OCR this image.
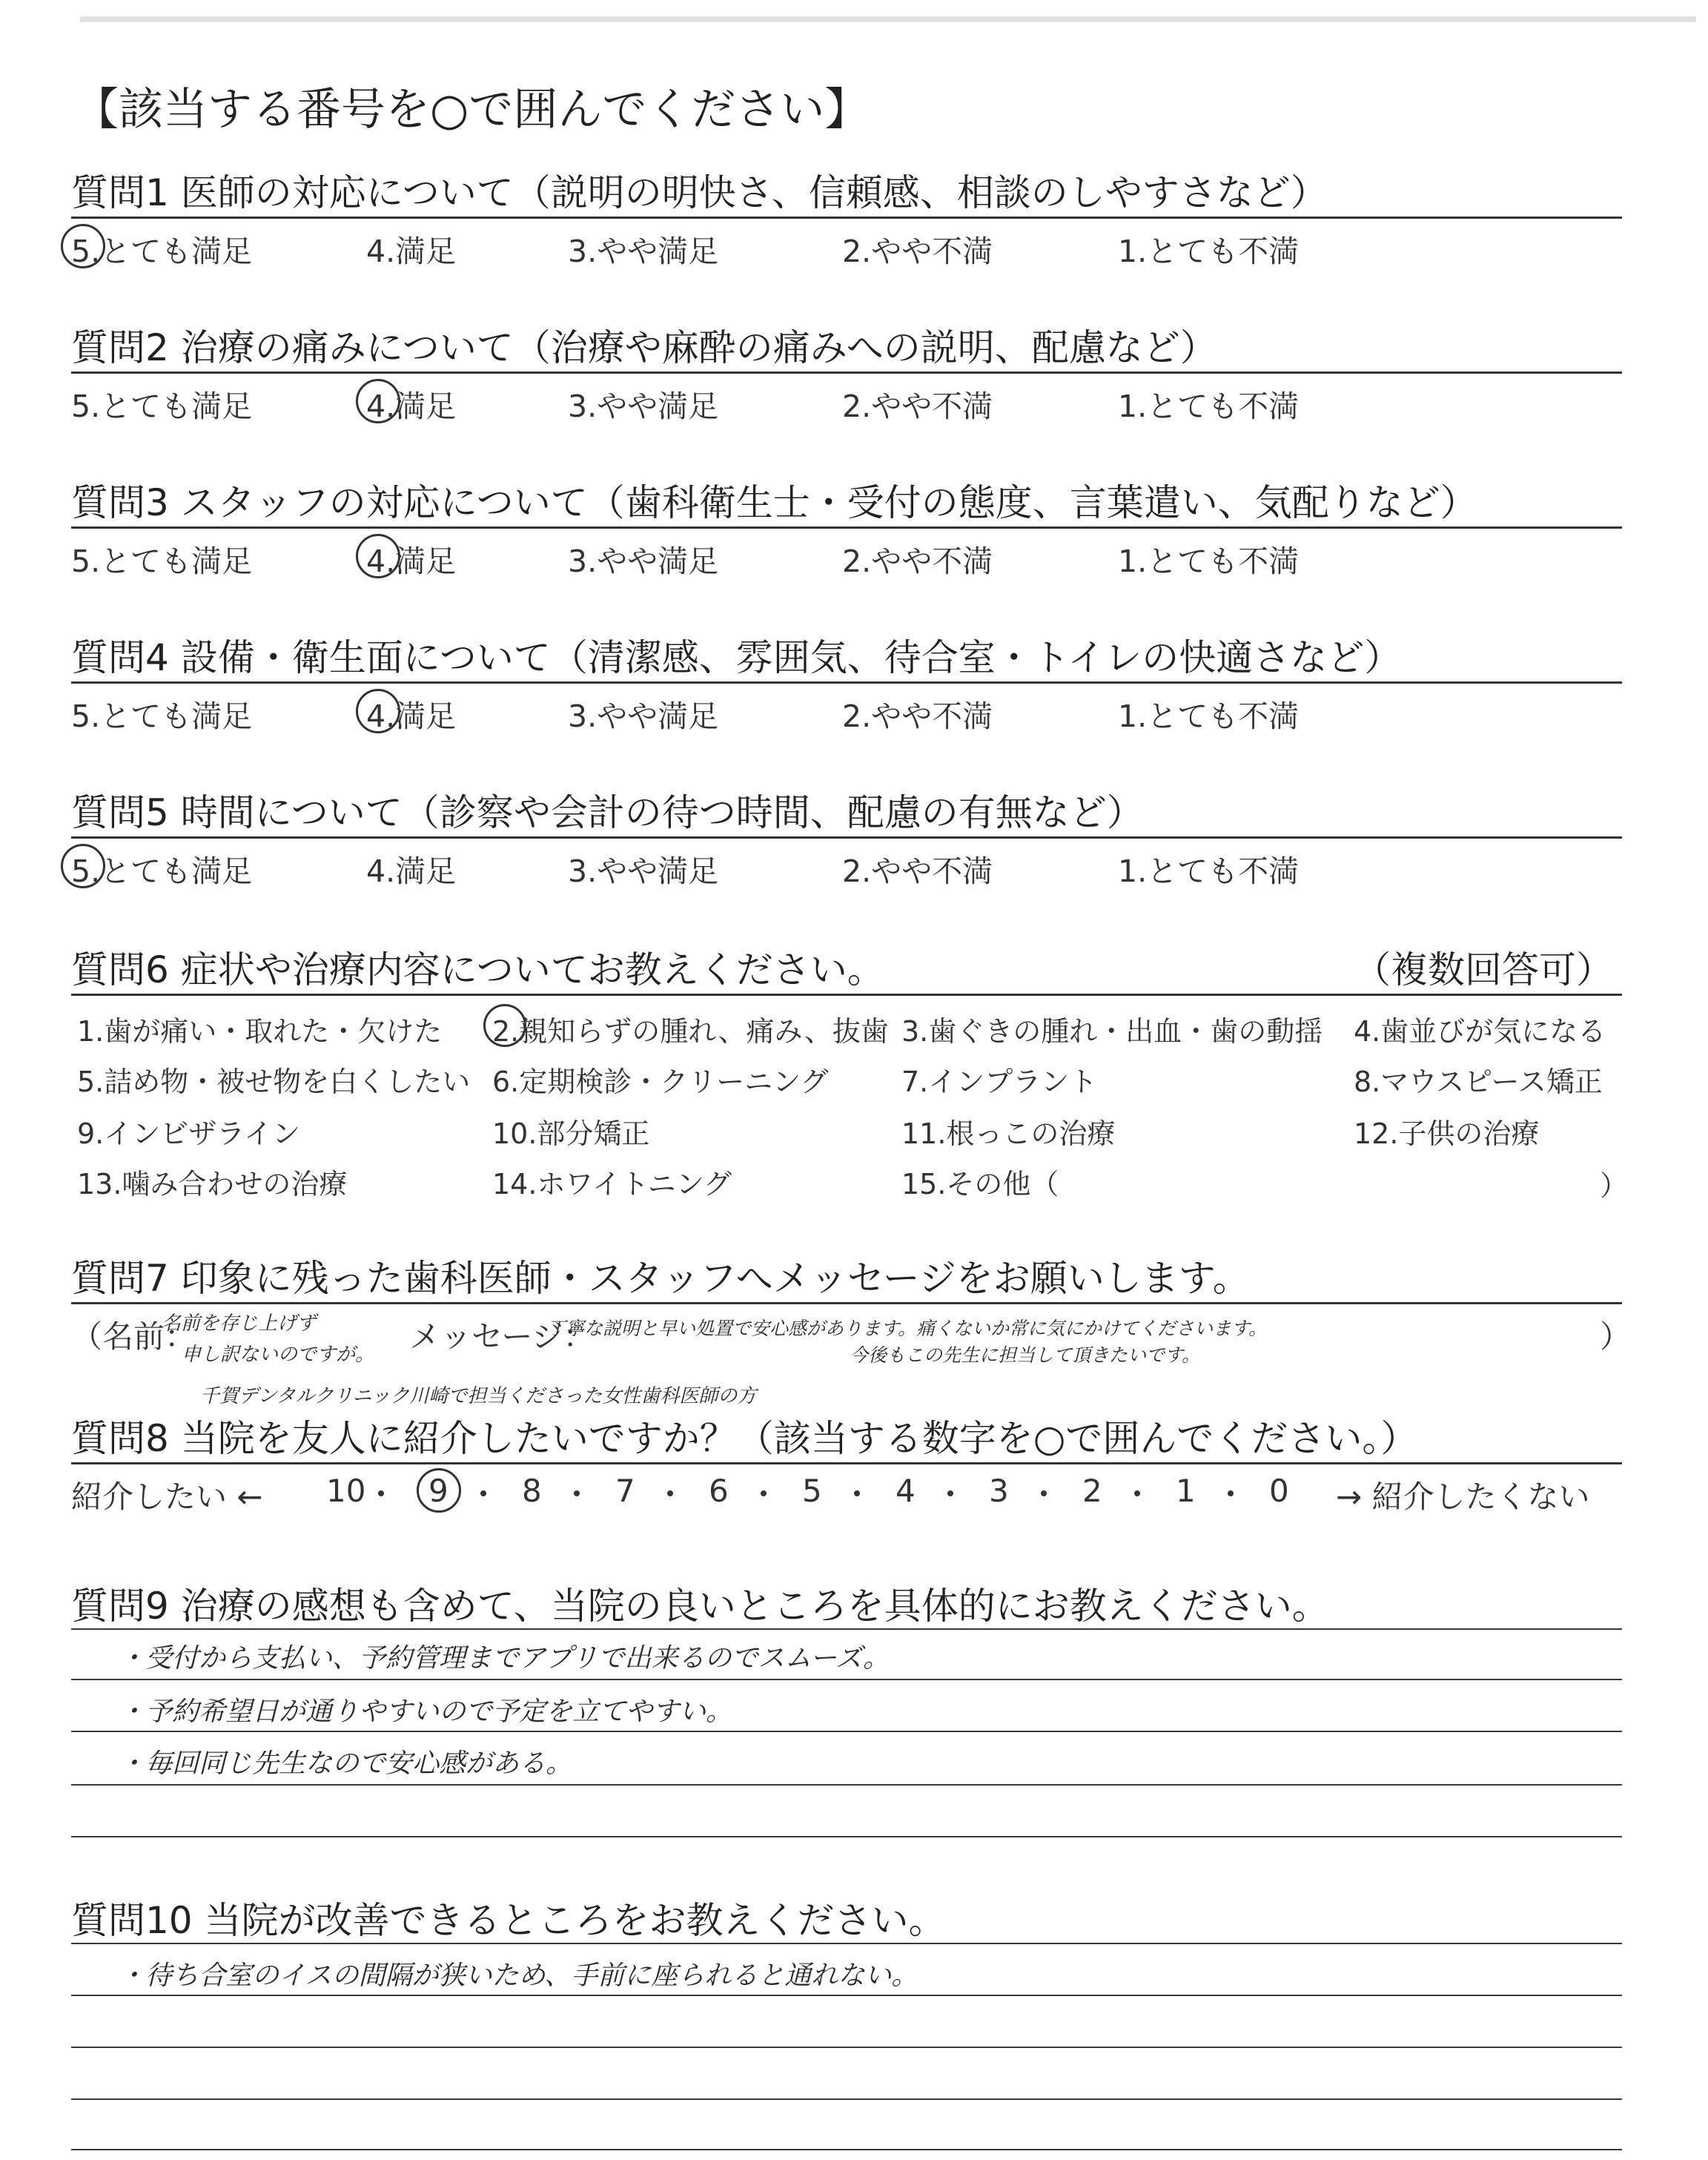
【該当する番号を○で囲んでください】
質問1 医師の対応について（説明の明快さ、信頼感、相談のしやすさなど）
5.とても満足	4.満足	3.やや満足	2.やや不満	1.とても不満
質問2 治療の痛みについて（治療や麻酔の痛みへの説明、配慮など）
5.とても満足	4.満足	3.やや満足	2.やや不満	1.とても不満
質問3 スタッフの対応について（歯科衛生士・受付の態度、言葉遣い、気配りなど）
5.とても満足	4.満足	3.やや満足	2.やや不満	1.とても不満
質問4 設備・衛生面について（清潔感、雰囲気、待合室・トイレの快適さなど）
5.とても満足	4.満足	3.やや満足	2.やや不満	1.とても不満
質問5 時間について（診察や会計の待つ時間、配慮の有無など）
5.とても満足	4.満足	3.やや満足	2.やや不満	1.とても不満
質問6 症状や治療内容についてお教えください。	（複数回答可）
1.歯が痛い・取れた・欠けた 2.親知らずの腫れ、痛み、抜歯 3.歯ぐきの腫れ・出血・歯の動揺 4.歯並びが気になる
5.詰め物・被せ物を白くしたい 6.定期検診・クリーニング	7.インプラント	8.マウスピース矯正
9.インビザライン	10.部分矯正	11.根っこの治療	12.子供の治療
13.噛み合わせの治療	14.ホワイトニング	15.その他（	）
質問7 印象に残った歯科医師・スタッフへメッセージをお願いします。
（名前：
名前を存じ上げず
申し訳ないのですが。 メッセージ：
丁寧な説明と早い処置で安心感があります。痛くないか常に気にかけてくださいます。
今後もこの先生に担当して頂きたいです。
）
千賀デンタルクリニック川崎で担当くださった女性歯科医師の方
質問8 当院を友人に紹介したいですか？（該当する数字を○で囲んでください。）
紹介したい ← 10 9 8 7 6 5 4 3 2 1 0 → 紹介したくない
質問9 治療の感想も含めて、当院の良いところを具体的にお教えください。
・受付から支払い、予約管理までアプリで出来るのでスムーズ。
・予約希望日が通りやすいので予定を立てやすい。
・毎回同じ先生なので安心感がある。
質問10 当院が改善できるところをお教えください。
・待ち合室のイスの間隔が狭いため、手前に座られると通れない。
